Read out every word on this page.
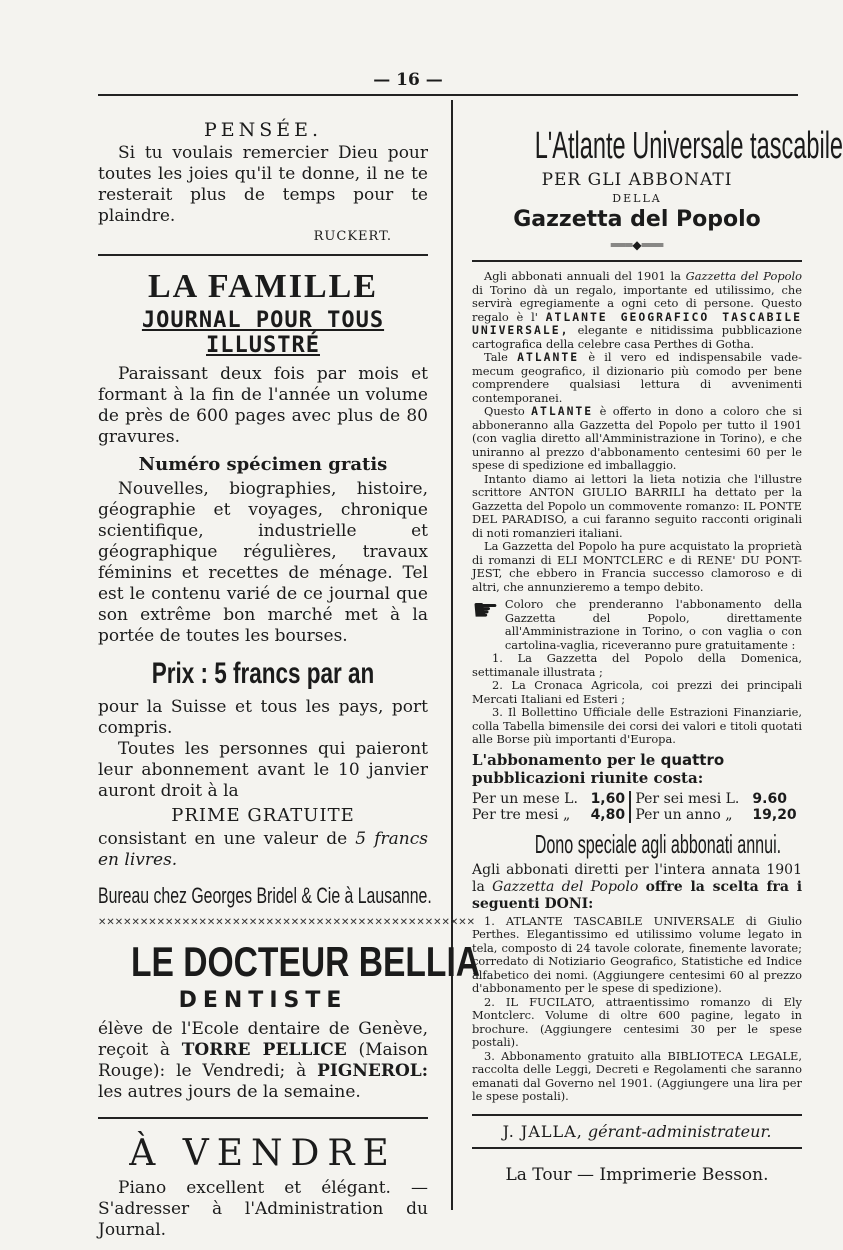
— 16 —
PENSÉE.
Si tu voulais remercier Dieu pour toutes les joies qu'il te donne, il ne te resterait plus de temps pour te plaindre.
RUCKERT.
LA FAMILLE
JOURNAL POUR TOUS ILLUSTRÉ
Paraissant deux fois par mois et formant à la fin de l'année un volume de près de 600 pages avec plus de 80 gravures.
Numéro spécimen gratis
Nouvelles, biographies, histoire, géographie et voyages, chronique scientifique, industrielle et géographique régulières, travaux féminins et recettes de ménage. Tel est le contenu varié de ce journal que son extrême bon marché met à la portée de toutes les bourses.
Prix : 5 francs par an
pour la Suisse et tous les pays, port compris.
Toutes les personnes qui paieront leur abonnement avant le 10 janvier auront droit à la
PRIME GRATUITE
consistant en une valeur de 5 francs en livres.
Bureau chez Georges Bridel & Cie à Lausanne.
✕✕✕✕✕✕✕✕✕✕✕✕✕✕✕✕✕✕✕✕✕✕✕✕✕✕✕✕✕✕✕✕✕✕✕✕✕✕✕✕✕✕✕✕✕
LE DOCTEUR BELLIA
DENTISTE
élève de l'Ecole dentaire de Genève, reçoit à TORRE PELLICE (Maison Rouge): le Vendredi; à PIGNEROL: les autres jours de la semaine.
À VENDRE
Piano excellent et élégant. — S'adresser à l'Administration du Journal.
L'Atlante Universale tascabile
PER GLI ABBONATI
DELLA
Gazzetta del Popolo
═══◆═══

Agli abbonati annuali del 1901 la Gazzetta del Popolo di Torino dà un regalo, importante ed utilissimo, che servirà egregiamente a ogni ceto di persone. Questo regalo è l' ATLANTE GEOGRAFICO TASCABILE UNIVERSALE, elegante e nitidissima pubblicazione cartografica della celebre casa Perthes di Gotha.

Tale ATLANTE è il vero ed indispensabile vade-mecum geografico, il dizionario più comodo per bene comprendere qualsiasi lettura di avvenimenti contemporanei.

Questo ATLANTE è offerto in dono a coloro che si abboneranno alla Gazzetta del Popolo per tutto il 1901 (con vaglia diretto all'Amministrazione in Torino), e che uniranno al prezzo d'abbonamento centesimi 60 per le spese di spedizione ed imballaggio.

Intanto diamo ai lettori la lieta notizia che l'illustre scrittore ANTON GIULIO BARRILI ha dettato per la Gazzetta del Popolo un commovente romanzo: IL PONTE DEL PARADISO, a cui faranno seguito racconti originali di noti romanzieri italiani.

La Gazzetta del Popolo ha pure acquistato la proprietà di romanzi di ELI MONTCLERC e di RENE' DU PONT-JEST, che ebbero in Francia successo clamoroso e di altri, che annunzieremo a tempo debito.

☛ Coloro che prenderanno l'abbonamento della Gazzetta del Popolo, direttamente all'Amministrazione in Torino, o con vaglia o con cartolina-vaglia, riceveranno pure gratuitamente :
1. La Gazzetta del Popolo della Domenica, settimanale illustrata ;
2. La Cronaca Agricola, coi prezzi dei principali Mercati Italiani ed Esteri ;
3. Il Bollettino Ufficiale delle Estrazioni Finanziarie, colla Tabella bimensile dei corsi dei valori e titoli quotati alle Borse più importanti d'Europa.
L'abbonamento per le quattro pubblicazioni riunite costa:
Per un mese L.	1,60	Per sei mesi L.	9.60
Per tre mesi „	4,80	Per un anno „	19,20
Dono speciale agli abbonati annui.
Agli abbonati diretti per l'intera annata 1901 la Gazzetta del Popolo offre la scelta fra i seguenti DONI:

1. ATLANTE TASCABILE UNIVERSALE di Giulio Perthes. Elegantissimo ed utilissimo volume legato in tela, composto di 24 tavole colorate, finemente lavorate; corredato di Notiziario Geografico, Statistiche ed Indice alfabetico dei nomi. (Aggiungere centesimi 60 al prezzo d'abbonamento per le spese di spedizione).

2. IL FUCILATO, attraentissimo romanzo di Ely Montclerc. Volume di oltre 600 pagine, legato in brochure. (Aggiungere centesimi 30 per le spese postali).

3. Abbonamento gratuito alla BIBLIOTECA LEGALE, raccolta delle Leggi, Decreti e Regolamenti che saranno emanati dal Governo nel 1901. (Aggiungere una lira per le spese postali).

J. JALLA, gérant-administrateur.
La Tour — Imprimerie Besson.
